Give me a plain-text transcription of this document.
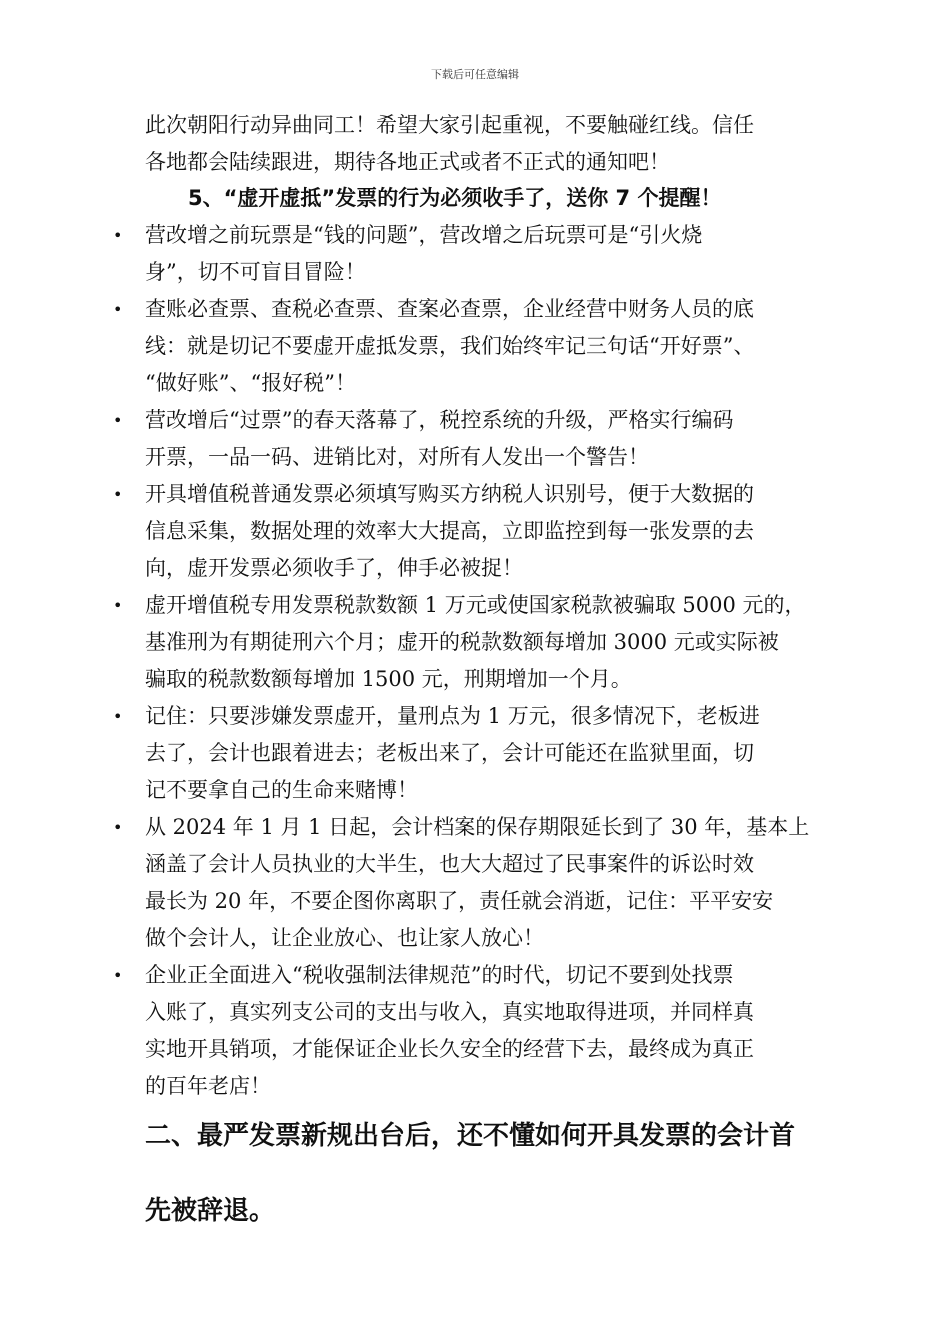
下载后可任意编辑

此次朝阳行动异曲同工！希望大家引起重视，不要触碰红线。信任
各地都会陆续跟进，期待各地正式或者不正式的通知吧！

5、“虚开虚抵”发票的行为必须收手了，送你 7 个提醒！
• 营改增之前玩票是“钱的问题”，营改增之后玩票可是“引火烧
身”，切不可盲目冒险！
• 查账必查票、查税必查票、查案必查票，企业经营中财务人员的底
线：就是切记不要虚开虚抵发票，我们始终牢记三句话“开好票”、
“做好账”、“报好税”！
• 营改增后“过票”的春天落幕了，税控系统的升级，严格实行编码
开票，一品一码、进销比对，对所有人发出一个警告！
• 开具增值税普通发票必须填写购买方纳税人识别号，便于大数据的
信息采集，数据处理的效率大大提高，立即监控到每一张发票的去
向，虚开发票必须收手了，伸手必被捉！
• 虚开增值税专用发票税款数额 1 万元或使国家税款被骗取 5000 元的，
基准刑为有期徒刑六个月；虚开的税款数额每增加 3000 元或实际被
骗取的税款数额每增加 1500 元，刑期增加一个月。
• 记住：只要涉嫌发票虚开，量刑点为 1 万元，很多情况下，老板进
去了，会计也跟着进去；老板出来了，会计可能还在监狱里面，切
记不要拿自己的生命来赌博！
• 从 2024 年 1 月 1 日起，会计档案的保存期限延长到了 30 年，基本上
涵盖了会计人员执业的大半生，也大大超过了民事案件的诉讼时效
最长为 20 年，不要企图你离职了，责任就会消逝，记住：平平安安
做个会计人，让企业放心、也让家人放心！
• 企业正全面进入“税收强制法律规范”的时代，切记不要到处找票
入账了，真实列支公司的支出与收入，真实地取得进项，并同样真
实地开具销项，才能保证企业长久安全的经营下去，最终成为真正
的百年老店！
二、最严发票新规出台后，还不懂如何开具发票的会计首
先被辞退。
